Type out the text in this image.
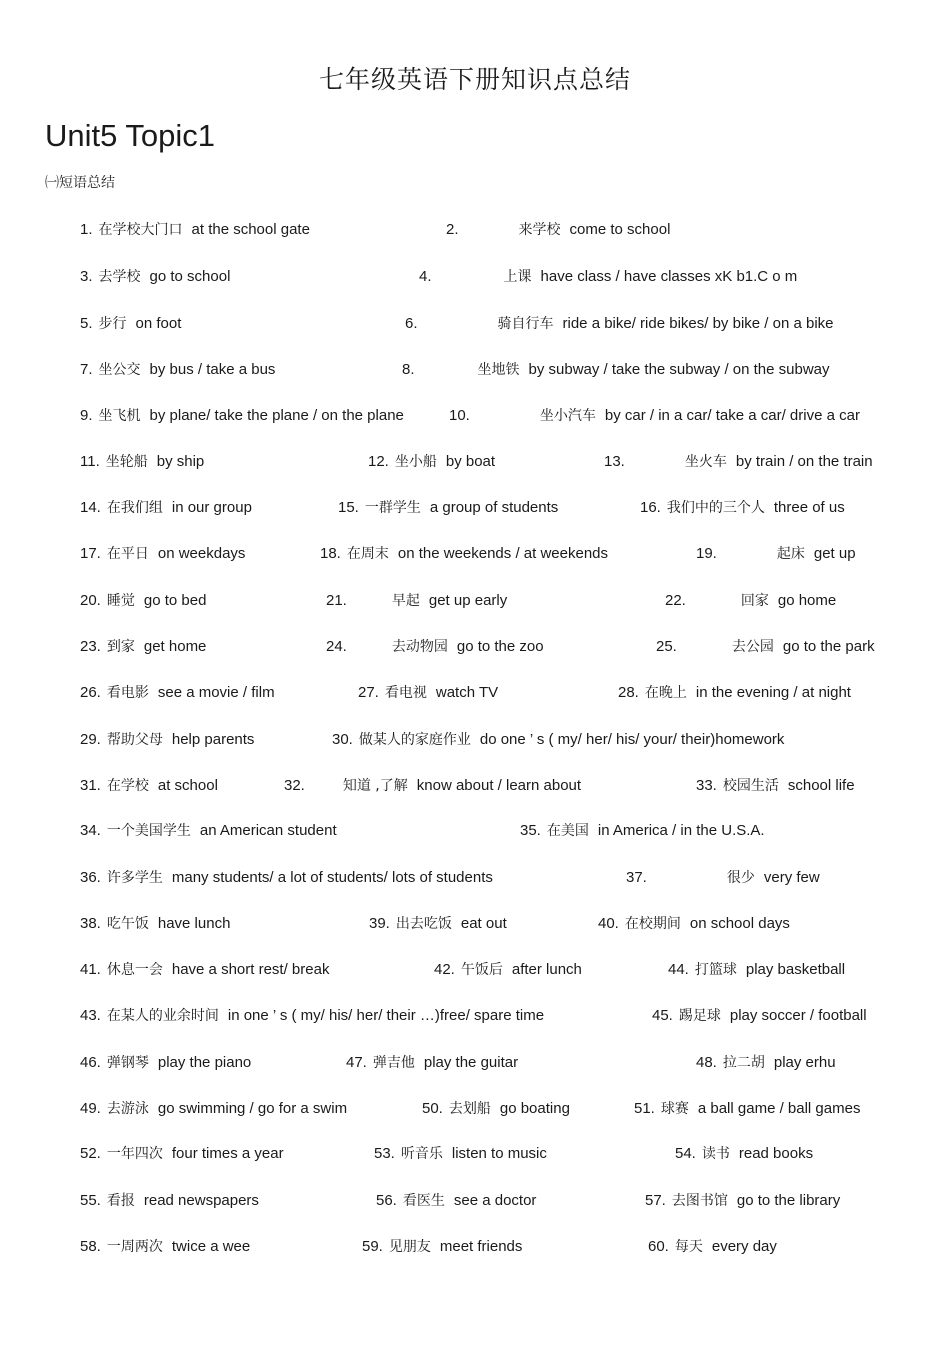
七年级英语下册知识点总结
Unit5 Topic1
㈠短语总结
1. 在学校大门口 at the school gate	2.	来学校 come to school
3. 去学校 go to school	4.	上课 have class / have classes xK b1.C o m
5. 步行 on foot	6.	骑自行车 ride a bike/ ride bikes/ by bike / on a bike
7. 坐公交 by bus / take a bus	8.	坐地铁 by subway / take the subway / on the subway
9. 坐飞机 by plane/ take the plane / on the plane	10.	坐小汽车 by car / in a car/ take a car/ drive a car
11. 坐轮船 by ship	12. 坐小船 by boat	13.	坐火车 by train / on the train
14. 在我们组 in our group	15. 一群学生 a group of students	16. 我们中的三个人 three of us
17. 在平日 on weekdays	18. 在周末 on the weekends / at weekends	19.	起床 get up
20. 睡觉 go to bed	21.	早起 get up early	22.	回家 go home
23. 到家 get home	24.	去动物园 go to the zoo	25.	去公园 go to the park
26. 看电影 see a movie / film	27. 看电视 watch TV	28. 在晚上 in the evening / at night
29. 帮助父母 help parents	30. 做某人的家庭作业 do one ’ s ( my/ her/ his/ your/ their)homework
31. 在学校 at school	32.	知道 ,了解 know about / learn about	33. 校园生活 school life
34. 一个美国学生 an American student	35. 在美国 in America / in the U.S.A.
36. 许多学生 many students/ a lot of students/ lots of students	37.	很少 very few
38. 吃午饭 have lunch	39. 出去吃饭 eat out	40. 在校期间 on school days
41. 休息一会 have a short rest/ break	42. 午饭后 after lunch	44. 打篮球 play basketball
43. 在某人的业余时间 in one ’ s ( my/ his/ her/ their …)free/ spare time	45. 踢足球 play soccer / football
46. 弹钢琴 play the piano	47. 弹吉他 play the guitar	48. 拉二胡 play erhu
49. 去游泳 go swimming / go for a swim	50. 去划船 go boating	51. 球赛 a ball game / ball games
52. 一年四次 four times a year	53. 听音乐 listen to music	54. 读书 read books
55. 看报 read newspapers	56. 看医生 see a doctor	57. 去图书馆 go to the library
58. 一周两次 twice a wee	59. 见朋友 meet friends	60. 每天 every day
